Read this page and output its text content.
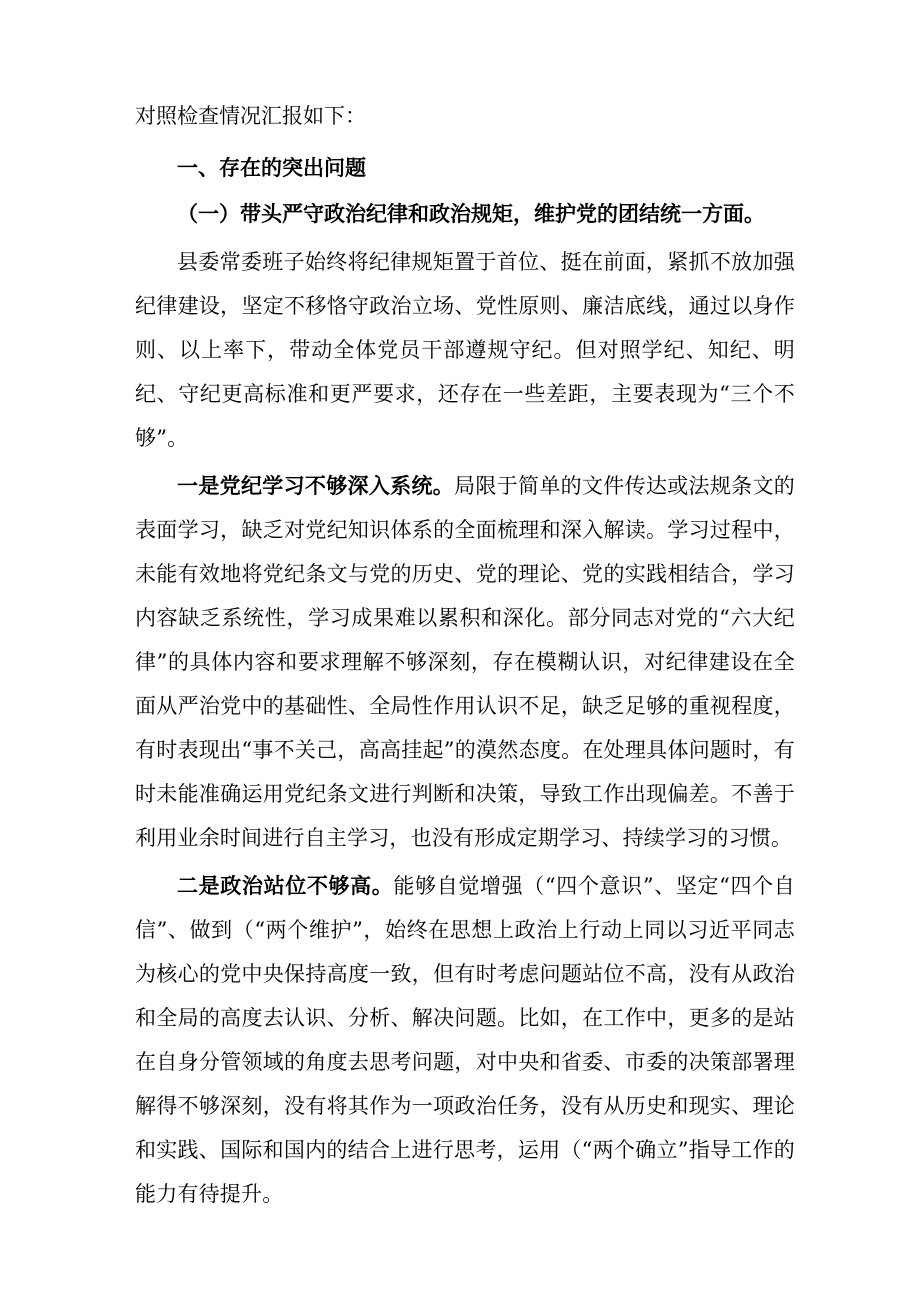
对照检查情况汇报如下：

一、存在的突出问题

（一）带头严守政治纪律和政治规矩，维护党的团结统一方面。

县委常委班子始终将纪律规矩置于首位、挺在前面，紧抓不放加强纪律建设，坚定不移恪守政治立场、党性原则、廉洁底线，通过以身作则、以上率下，带动全体党员干部遵规守纪。但对照学纪、知纪、明纪、守纪更高标准和更严要求，还存在一些差距，主要表现为“三个不够”。

一是党纪学习不够深入系统。局限于简单的文件传达或法规条文的表面学习，缺乏对党纪知识体系的全面梳理和深入解读。学习过程中，未能有效地将党纪条文与党的历史、党的理论、党的实践相结合，学习内容缺乏系统性，学习成果难以累积和深化。部分同志对党的“六大纪律”的具体内容和要求理解不够深刻，存在模糊认识，对纪律建设在全面从严治党中的基础性、全局性作用认识不足，缺乏足够的重视程度，有时表现出“事不关己，高高挂起”的漠然态度。在处理具体问题时，有时未能准确运用党纪条文进行判断和决策，导致工作出现偏差。不善于利用业余时间进行自主学习，也没有形成定期学习、持续学习的习惯。

二是政治站位不够高。能够自觉增强（“四个意识”、坚定“四个自信”、做到（“两个维护”，始终在思想上政治上行动上同以习近平同志为核心的党中央保持高度一致，但有时考虑问题站位不高，没有从政治和全局的高度去认识、分析、解决问题。比如，在工作中，更多的是站在自身分管领域的角度去思考问题，对中央和省委、市委的决策部署理解得不够深刻，没有将其作为一项政治任务，没有从历史和现实、理论和实践、国际和国内的结合上进行思考，运用（“两个确立”指导工作的能力有待提升。
